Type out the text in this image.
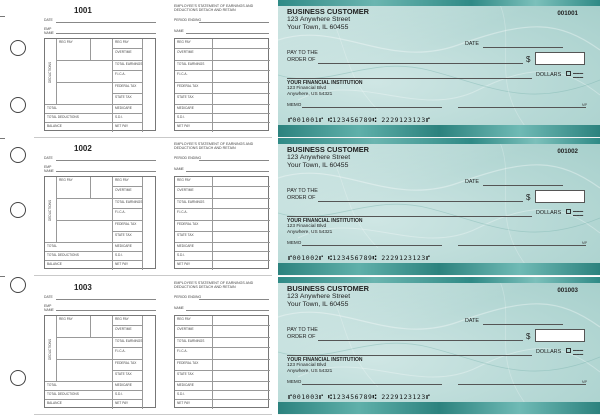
1001	EMPLOYEE'S STATEMENT OF EARNINGS AND DEDUCTIONS DETACH AND RETAIN
DATE	PERIOD ENDING
EMP NAME	NAME
DEDUCTIONS
REG PAY	REG PAY
OVERTIME
TOTAL EARNINGS
F.I.C.A.
FEDERAL TAX
STATE TAX
TOTAL	MEDICARE
TOTAL DEDUCTIONS	S.D.I.
BALANCE	NET PAY
REG PAY
OVERTIME
TOTAL EARNINGS
F.I.C.A.
FEDERAL TAX
STATE TAX
MEDICARE
S.D.I.
NET PAY
BUSINESS CUSTOMER
123 Anywhere Street
Your Town, IL 60455
001001
DATE
PAY TO THE
ORDER OF	$
DOLLARS	▬▬▬
▬▬▬
YOUR FINANCIAL INSTITUTION
123 Financial Blvd
Anywhere, US 54321
MEMO	MP
⑈001001⑈ ⑆123456789⑆ 2229123123⑈
1002	EMPLOYEE'S STATEMENT OF EARNINGS AND DEDUCTIONS DETACH AND RETAIN
DATE	PERIOD ENDING
EMP NAME	NAME
DEDUCTIONS
REG PAY	REG PAY
OVERTIME
TOTAL EARNINGS
F.I.C.A.
FEDERAL TAX
STATE TAX
TOTAL	MEDICARE
TOTAL DEDUCTIONS	S.D.I.
BALANCE	NET PAY
REG PAY
OVERTIME
TOTAL EARNINGS
F.I.C.A.
FEDERAL TAX
STATE TAX
MEDICARE
S.D.I.
NET PAY
BUSINESS CUSTOMER
123 Anywhere Street
Your Town, IL 60455
001002
DATE
PAY TO THE
ORDER OF	$
DOLLARS	▬▬▬
▬▬▬
YOUR FINANCIAL INSTITUTION
123 Financial Blvd
Anywhere, US 54321
MEMO	MP
⑈001002⑈ ⑆123456789⑆ 2229123123⑈
1003	EMPLOYEE'S STATEMENT OF EARNINGS AND DEDUCTIONS DETACH AND RETAIN
DATE	PERIOD ENDING
EMP NAME	NAME
DEDUCTIONS
REG PAY	REG PAY
OVERTIME
TOTAL EARNINGS
F.I.C.A.
FEDERAL TAX
STATE TAX
TOTAL	MEDICARE
TOTAL DEDUCTIONS	S.D.I.
BALANCE	NET PAY
REG PAY
OVERTIME
TOTAL EARNINGS
F.I.C.A.
FEDERAL TAX
STATE TAX
MEDICARE
S.D.I.
NET PAY
BUSINESS CUSTOMER
123 Anywhere Street
Your Town, IL 60455
001003
DATE
PAY TO THE
ORDER OF	$
DOLLARS	▬▬▬
▬▬▬
YOUR FINANCIAL INSTITUTION
123 Financial Blvd
Anywhere, US 54321
MEMO	MP
⑈001003⑈ ⑆123456789⑆ 2229123123⑈
